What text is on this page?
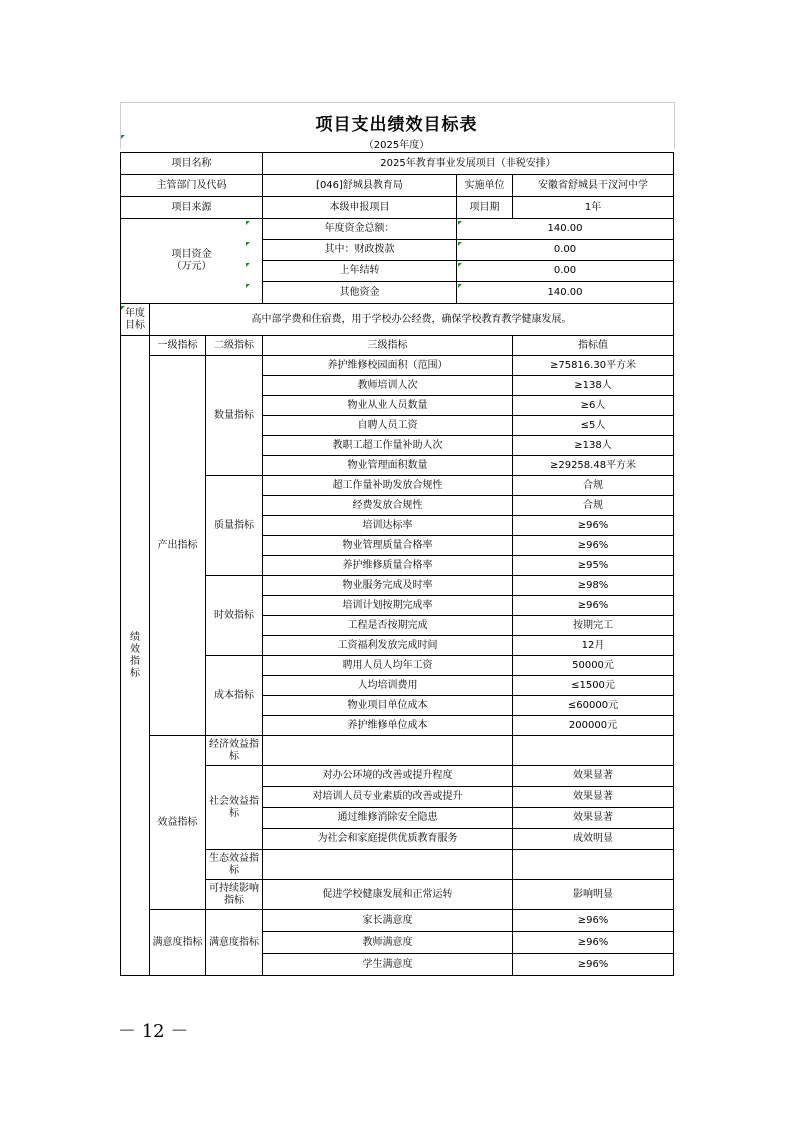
项目支出绩效目标表
（2025年度）
项目名称			2025年教育事业发展项目（非税安排）		
主管部门及代码			[046]舒城县教育局	实施单位	安徽省舒城县干汊河中学
项目来源			本级申报项目	项目期	1年

项目资金
（万元）			年度资金总额：	140.00	
			其中：财政拨款	0.00	
			上年结转	0.00	
			其他资金	140.00	
年度目标	高中部学费和住宿费，用于学校办公经费，确保学校教育教学健康发展。				
绩效指标	一级指标	二级指标	三级指标		指标值
	产出指标	数量指标	养护维修校园面积（范围）		≥75816.30平方米
			教师培训人次		≥138人
			物业从业人员数量		≥6人
			自聘人员工资		≤5人
			教职工超工作量补助人次		≥138人
			物业管理面积数量		≥29258.48平方米
		质量指标	超工作量补助发放合规性		合规
			经费发放合规性		合规
			培训达标率		≥96%
			物业管理质量合格率		≥96%
			养护维修质量合格率		≥95%
		时效指标	物业服务完成及时率		≥98%
			培训计划按期完成率		≥96%
			工程是否按期完成		按期完工
			工资福利发放完成时间		12月
		成本指标	聘用人员人均年工资		50000元
			人均培训费用		≤1500元
			物业项目单位成本		≤60000元
			养护维修单位成本		200000元
	效益指标	经济效益指标			
		社会效益指标	对办公环境的改善或提升程度		效果显著
			对培训人员专业素质的改善或提升		效果显著
			通过维修消除安全隐患		效果显著
			为社会和家庭提供优质教育服务		成效明显
		生态效益指标			
		可持续影响指标	促进学校健康发展和正常运转		影响明显
	满意度指标	满意度指标	家长满意度		≥96%
			教师满意度		≥96%
			学生满意度		≥96%
－ 12 －
